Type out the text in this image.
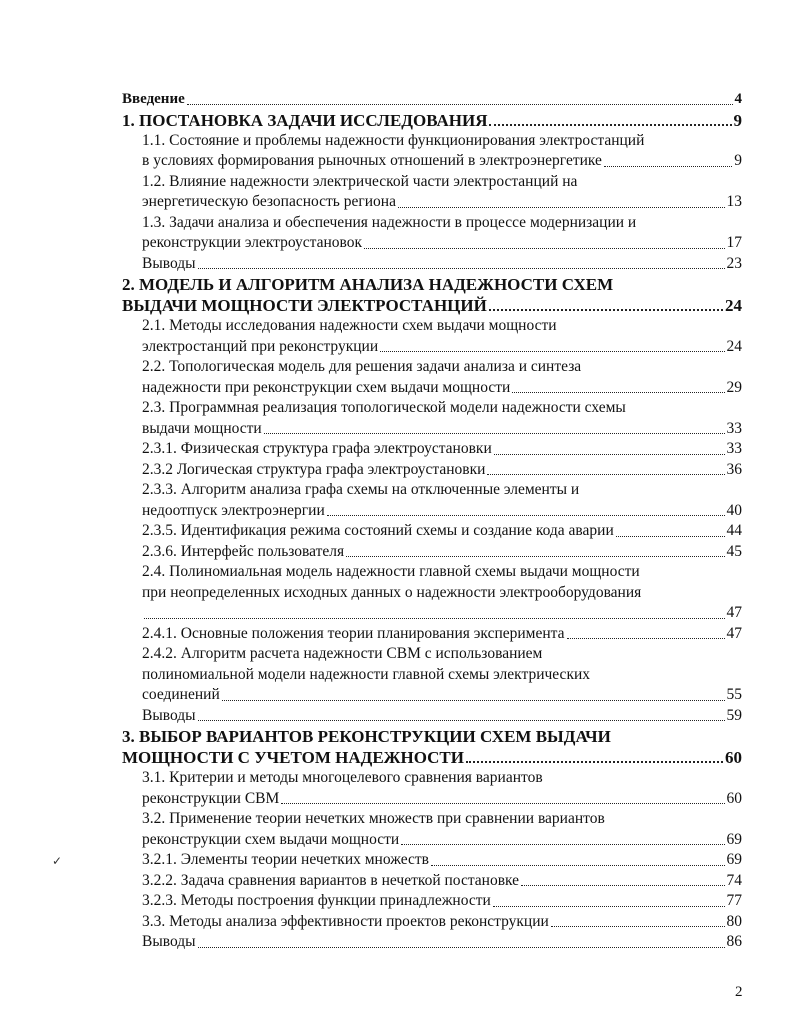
Введение	4
1. ПОСТАНОВКА ЗАДАЧИ ИССЛЕДОВАНИЯ	9
1.1. Состояние и проблемы надежности функционирования электростанций
в условиях формирования рыночных отношений в электроэнергетике	9
1.2. Влияние надежности электрической части электростанций на
энергетическую безопасность региона	13
1.3. Задачи анализа и обеспечения надежности в процессе модернизации и
реконструкции электроустановок	17
Выводы	23
2. МОДЕЛЬ И АЛГОРИТМ АНАЛИЗА НАДЕЖНОСТИ СХЕМ
ВЫДАЧИ МОЩНОСТИ ЭЛЕКТРОСТАНЦИЙ	24
2.1. Методы исследования надежности схем выдачи мощности
электростанций при реконструкции	24
2.2. Топологическая модель для решения задачи анализа и синтеза
надежности при реконструкции схем выдачи мощности	29
2.3. Программная реализация топологической модели надежности схемы
выдачи мощности	33
2.3.1. Физическая структура графа электроустановки	33
2.3.2 Логическая структура графа электроустановки	36
2.3.3. Алгоритм анализа графа схемы на отключенные элементы и
недоотпуск электроэнергии	40
2.3.5. Идентификация режима состояний схемы и создание кода аварии	44
2.3.6. Интерфейс пользователя	45
2.4. Полиномиальная модель надежности главной схемы выдачи мощности
при неопределенных исходных данных о надежности электрооборудования
47
2.4.1. Основные положения теории планирования эксперимента	47
2.4.2. Алгоритм расчета надежности СВМ с использованием
полиномиальной модели надежности главной схемы электрических
соединений	55
Выводы	59
3. ВЫБОР ВАРИАНТОВ РЕКОНСТРУКЦИИ СХЕМ ВЫДАЧИ
МОЩНОСТИ С УЧЕТОМ НАДЕЖНОСТИ	60
3.1. Критерии и методы многоцелевого сравнения вариантов
реконструкции СВМ	60
3.2. Применение теории нечетких множеств при сравнении вариантов
реконструкции схем выдачи мощности	69
3.2.1. Элементы теории нечетких множеств	69
3.2.2. Задача сравнения вариантов в нечеткой постановке	74
3.2.3. Методы построения функции принадлежности	77
3.3. Методы анализа эффективности проектов реконструкции	80
Выводы	86
✓
2
